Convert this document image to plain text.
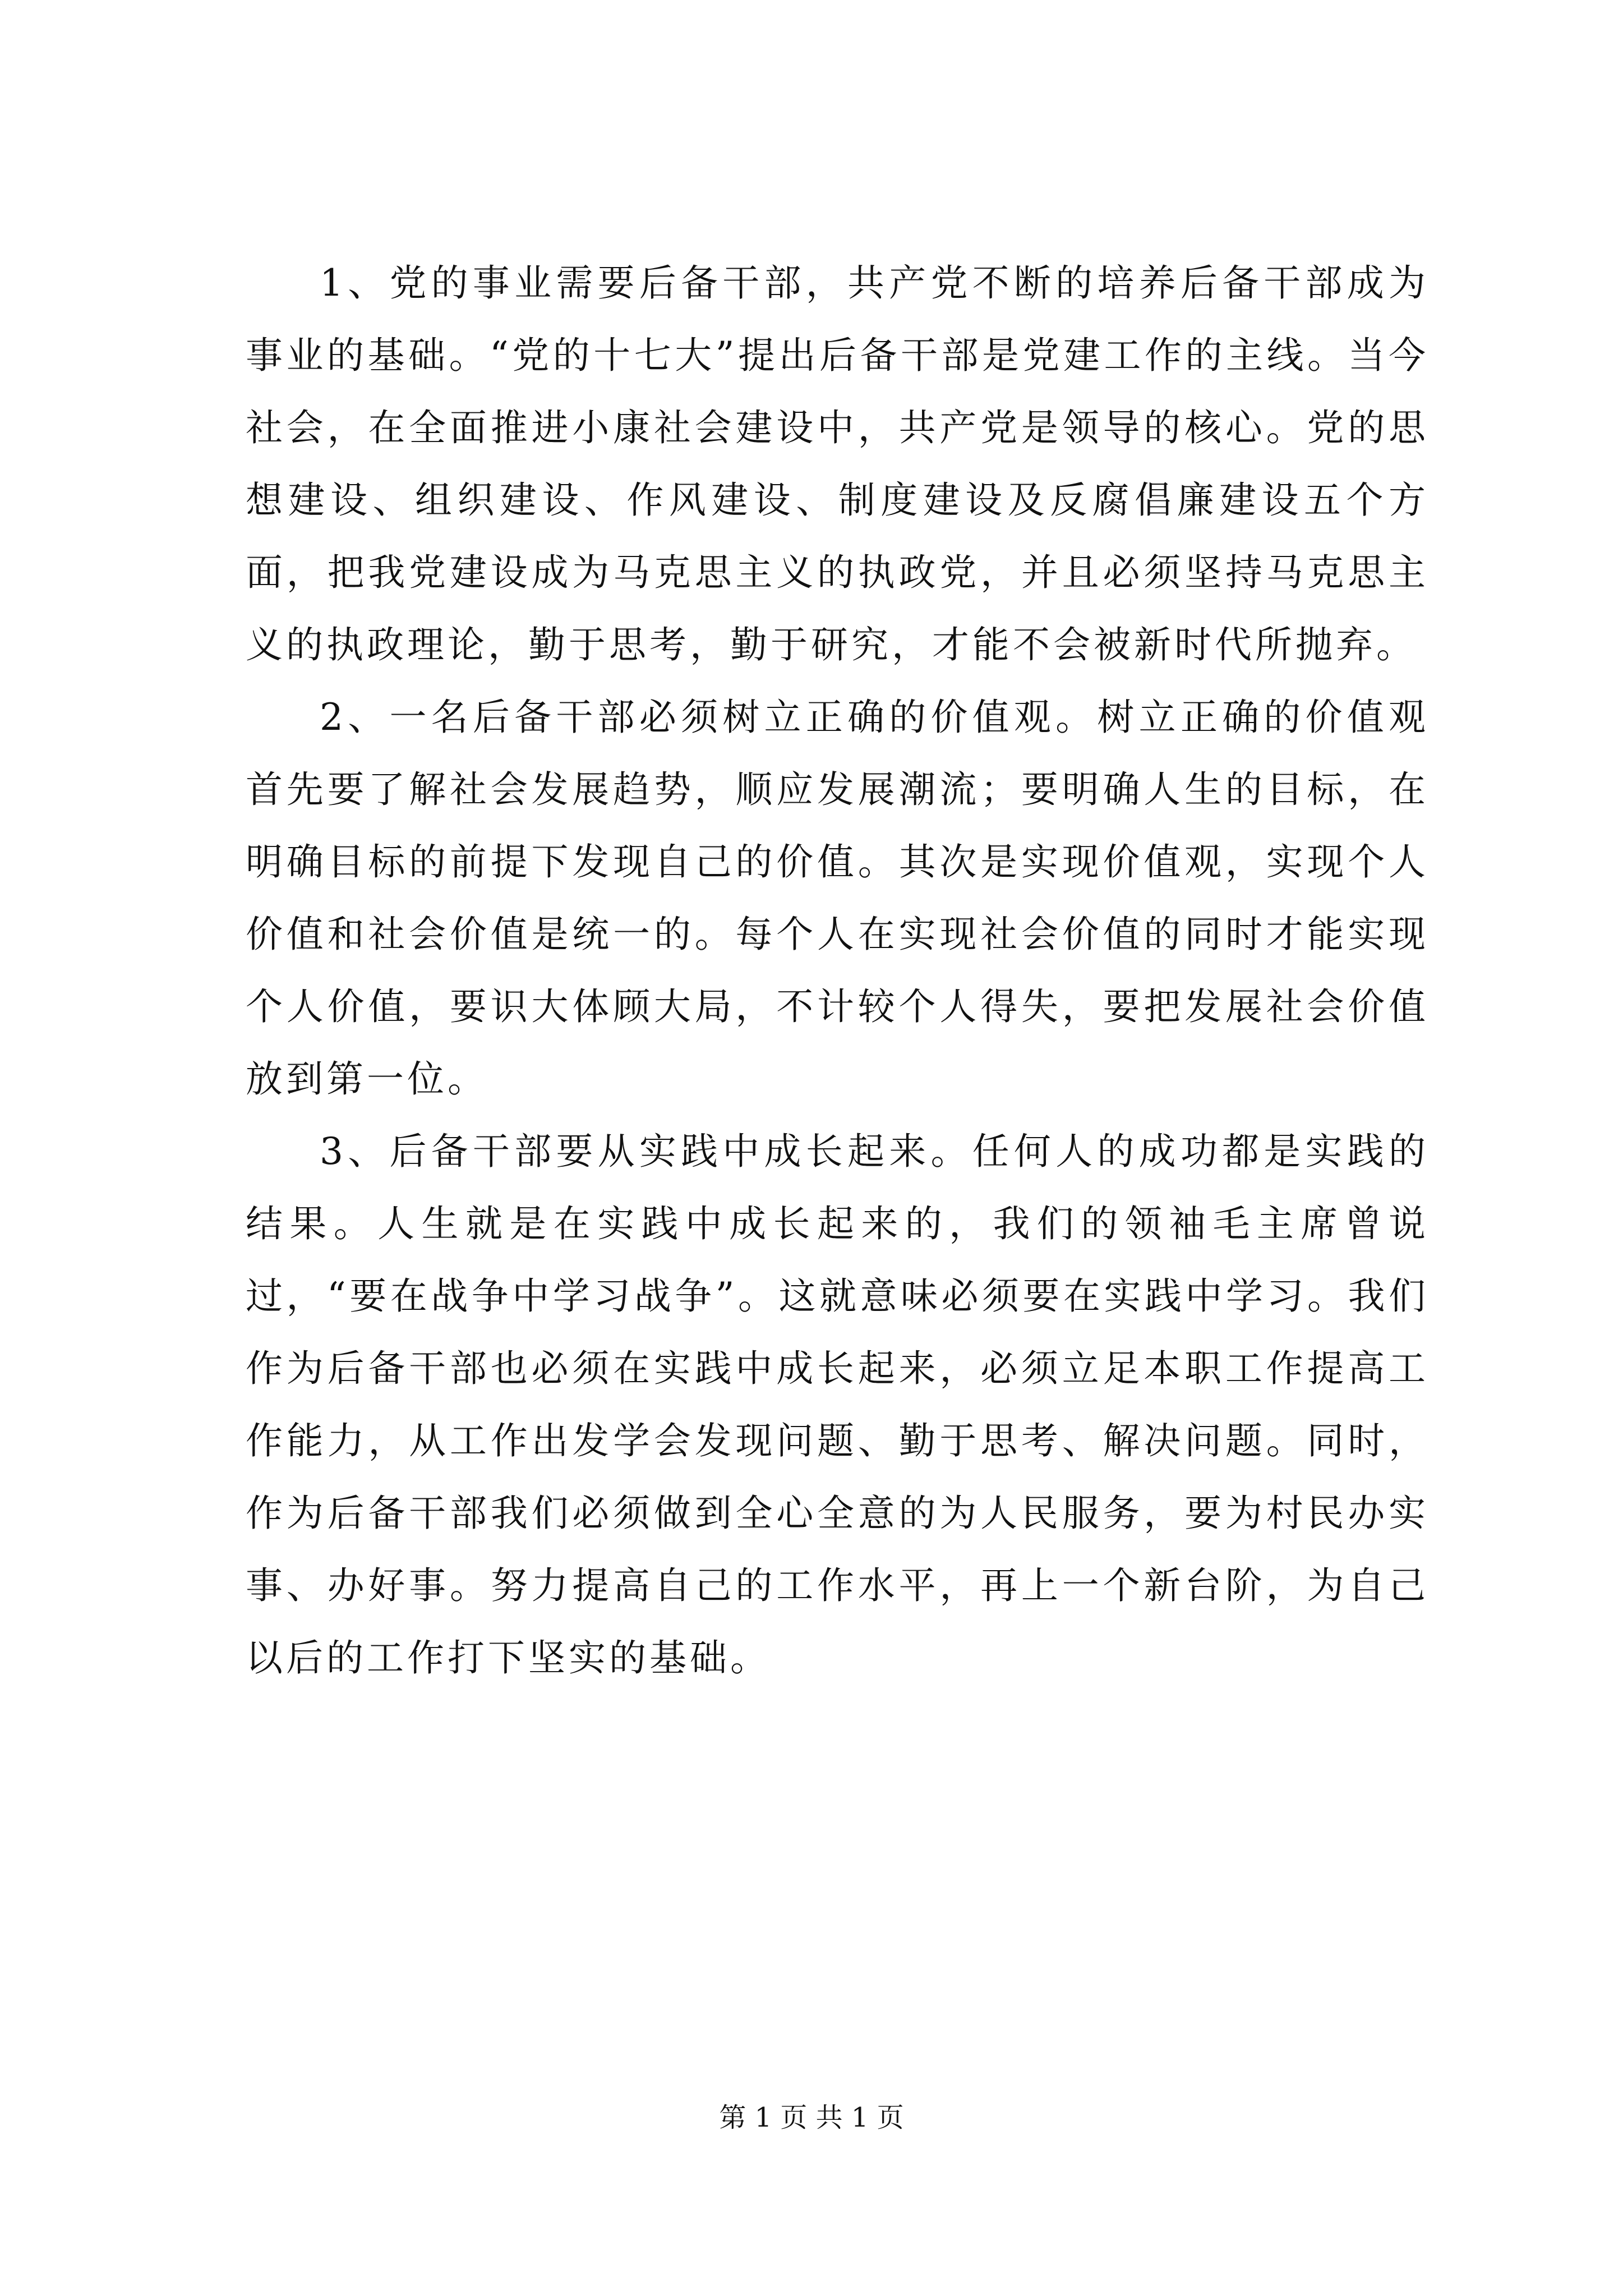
1、党的事业需要后备干部，共产党不断的培养后备干部成为事业的基础。“党的十七大”提出后备干部是党建工作的主线。当今社会，在全面推进小康社会建设中，共产党是领导的核心。党的思想建设、组织建设、作风建设、制度建设及反腐倡廉建设五个方面，把我党建设成为马克思主义的执政党，并且必须坚持马克思主义的执政理论，勤于思考，勤于研究，才能不会被新时代所抛弃。

2、一名后备干部必须树立正确的价值观。树立正确的价值观首先要了解社会发展趋势，顺应发展潮流；要明确人生的目标，在明确目标的前提下发现自己的价值。其次是实现价值观，实现个人价值和社会价值是统一的。每个人在实现社会价值的同时才能实现个人价值，要识大体顾大局，不计较个人得失，要把发展社会价值放到第一位。

3、后备干部要从实践中成长起来。任何人的成功都是实践的结果。人生就是在实践中成长起来的，我们的领袖毛主席曾说过，“要在战争中学习战争”。这就意味必须要在实践中学习。我们作为后备干部也必须在实践中成长起来，必须立足本职工作提高工作能力，从工作出发学会发现问题、勤于思考、解决问题。同时，作为后备干部我们必须做到全心全意的为人民服务，要为村民办实事、办好事。努力提高自己的工作水平，再上一个新台阶，为自己以后的工作打下坚实的基础。

第 1 页 共 1 页
